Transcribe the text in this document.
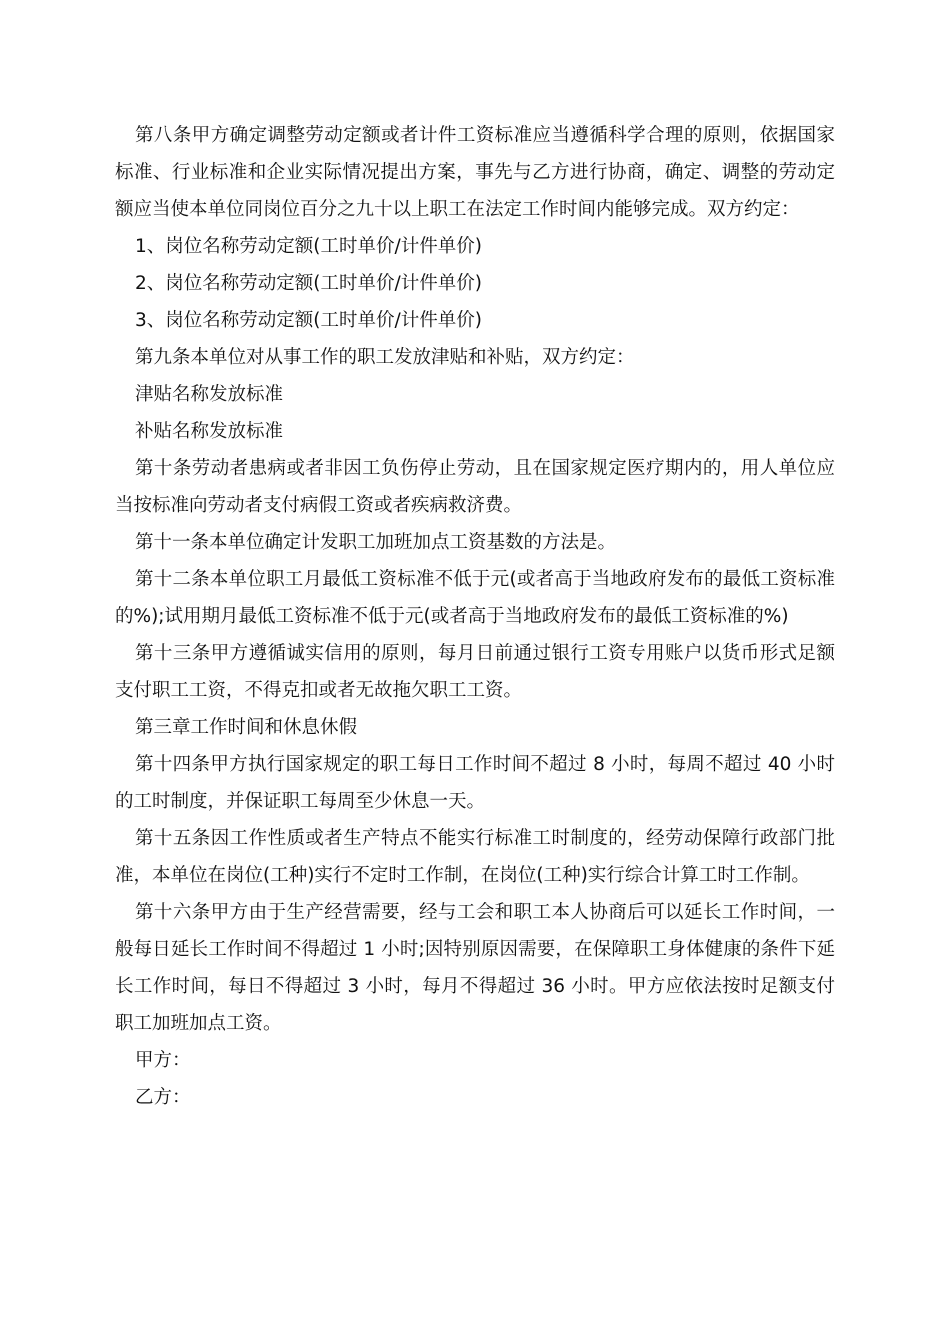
第八条甲方确定调整劳动定额或者计件工资标准应当遵循科学合理的原则，依据国家标准、行业标准和企业实际情况提出方案，事先与乙方进行协商，确定、调整的劳动定额应当使本单位同岗位百分之九十以上职工在法定工作时间内能够完成。双方约定：

1、岗位名称劳动定额(工时单价/计件单价)

2、岗位名称劳动定额(工时单价/计件单价)

3、岗位名称劳动定额(工时单价/计件单价)

第九条本单位对从事工作的职工发放津贴和补贴，双方约定：

津贴名称发放标准

补贴名称发放标准

第十条劳动者患病或者非因工负伤停止劳动，且在国家规定医疗期内的，用人单位应当按标准向劳动者支付病假工资或者疾病救济费。

第十一条本单位确定计发职工加班加点工资基数的方法是。

第十二条本单位职工月最低工资标准不低于元(或者高于当地政府发布的最低工资标准的%);试用期月最低工资标准不低于元(或者高于当地政府发布的最低工资标准的%)

第十三条甲方遵循诚实信用的原则，每月日前通过银行工资专用账户以货币形式足额支付职工工资，不得克扣或者无故拖欠职工工资。

第三章工作时间和休息休假

第十四条甲方执行国家规定的职工每日工作时间不超过 8 小时，每周不超过 40 小时的工时制度，并保证职工每周至少休息一天。

第十五条因工作性质或者生产特点不能实行标准工时制度的，经劳动保障行政部门批准，本单位在岗位(工种)实行不定时工作制，在岗位(工种)实行综合计算工时工作制。

第十六条甲方由于生产经营需要，经与工会和职工本人协商后可以延长工作时间，一般每日延长工作时间不得超过 1 小时;因特别原因需要，在保障职工身体健康的条件下延长工作时间，每日不得超过 3 小时，每月不得超过 36 小时。甲方应依法按时足额支付职工加班加点工资。

甲方：

乙方：
